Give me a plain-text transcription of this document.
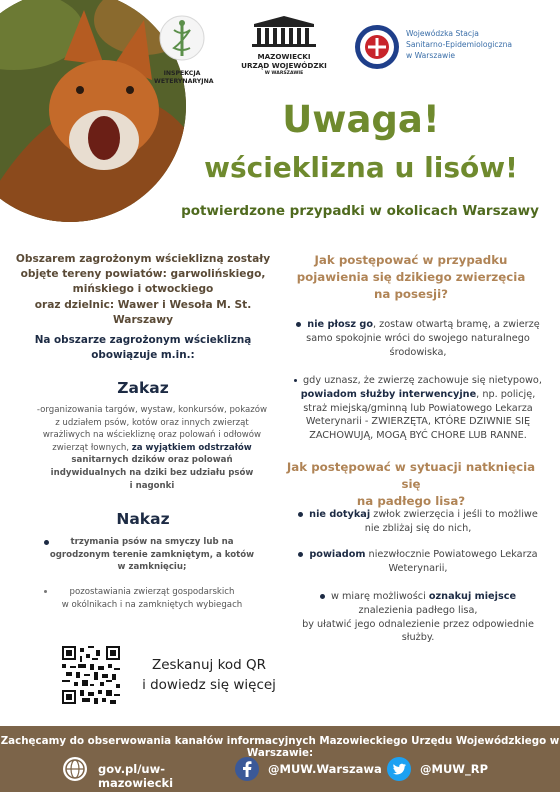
INSPEKCJA WETERYNARYJNA
MAZOWIECKI
URZĄD WOJEWÓDZKI
W WARSZAWIE
Wojewódzka Stacja
Sanitarno-Epidemiologiczna
w Warszawie
Uwaga!
wścieklizna u lisów!
potwierdzone przypadki w okolicach Warszawy
Obszarem zagrożonym wścieklizną zostały
objęte tereny powiatów: garwolińskiego,
mińskiego i otwockiego
oraz dzielnic: Wawer i Wesoła M. St. Warszawy
Na obszarze zagrożonym wścieklizną
obowiązuje m.in.:
Zakaz
-organizowania targów, wystaw, konkursów, pokazów
z udziałem psów, kotów oraz innych zwierząt
wrażliwych na wściekliznę oraz polowań i odłowów
zwierząt łownych, za wyjątkiem odstrzałów
sanitarnych dzików oraz polowań
indywidualnych na dziki bez udziału psów
i nagonki
Nakaz
trzymania psów na smyczy lub na
ogrodzonym terenie zamkniętym, a kotów
w zamknięciu;
pozostawiania zwierząt gospodarskich
w okólnikach i na zamkniętych wybiegach
Zeskanuj kod QR
i dowiedz się więcej
Jak postępować w przypadku
pojawienia się dzikiego zwierzęcia
na posesji?
nie płosz go, zostaw otwartą bramę, a zwierzę
samo spokojnie wróci do swojego naturalnego
środowiska,
gdy uznasz, że zwierzę zachowuje się nietypowo,
powiadom służby interwencyjne, np. policję,
straż miejską/gminną lub Powiatowego Lekarza
Weterynarii - ZWIERZĘTA, KTÓRE DZIWNIE SIĘ
ZACHOWUJĄ, MOGĄ BYĆ CHORE LUB RANNE.
Jak postępować w sytuacji natknięcia się
na padłego lisa?
nie dotykaj zwłok zwierzęcia i jeśli to możliwe
nie zbliżaj się do nich,
powiadom niezwłocznie Powiatowego Lekarza
Weterynarii,
w miarę możliwości oznakuj miejsce
znalezienia padłego lisa,
by ułatwić jego odnalezienie przez odpowiednie
służby.
Zachęcamy do obserwowania kanałów informacyjnych Mazowieckiego Urzędu Wojewódzkiego w Warszawie:
gov.pl/uw-mazowiecki
@MUW.Warszawa	@MUW_RP
